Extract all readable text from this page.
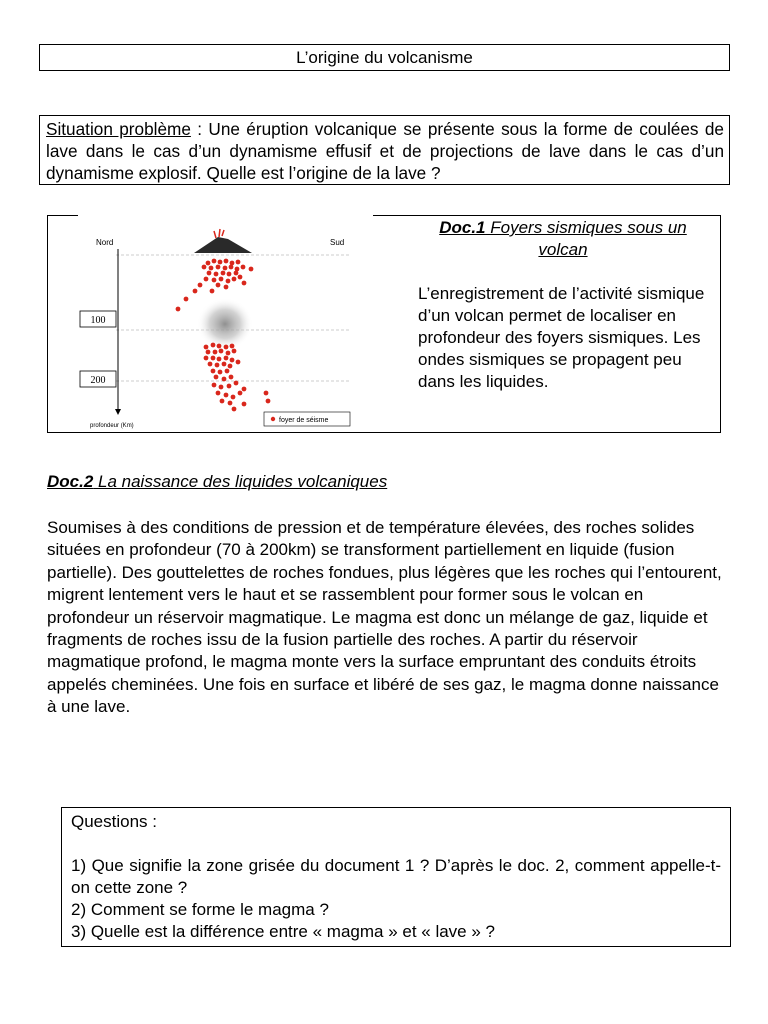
L’origine du volcanisme
Situation problème : Une éruption volcanique se présente sous la forme de coulées de lave dans le cas d’un dynamisme effusif et de projections de lave dans le cas d’un dynamisme explosif. Quelle est l’origine de la lave ?
Nord	Sud
100
200
profondeur (Km)
foyer de séisme
Doc.1 Foyers sismiques sous un volcan
L’enregistrement de l’activité sismique d’un volcan permet de localiser en profondeur des foyers sismiques. Les ondes sismiques se propagent peu dans les liquides.
Doc.2 La naissance des liquides volcaniques
Soumises à des conditions de pression et de température élevées, des roches solides situées en profondeur (70 à 200km) se transforment partiellement en liquide (fusion partielle). Des gouttelettes de roches fondues, plus légères que les roches qui l’entourent, migrent lentement vers le haut et se rassemblent pour former sous le volcan en profondeur un réservoir magmatique. Le magma est donc un mélange de gaz, liquide et fragments de roches issu de la fusion partielle des roches. A partir du réservoir magmatique profond, le magma monte vers la surface empruntant des conduits étroits appelés cheminées. Une fois en surface et libéré de ses gaz, le magma donne naissance à une lave.
Questions :
1) Que signifie la zone grisée du document 1 ? D’après le doc. 2, comment appelle-t-on cette zone ?
2) Comment se forme le magma ?
3) Quelle est la différence entre « magma » et « lave » ?
